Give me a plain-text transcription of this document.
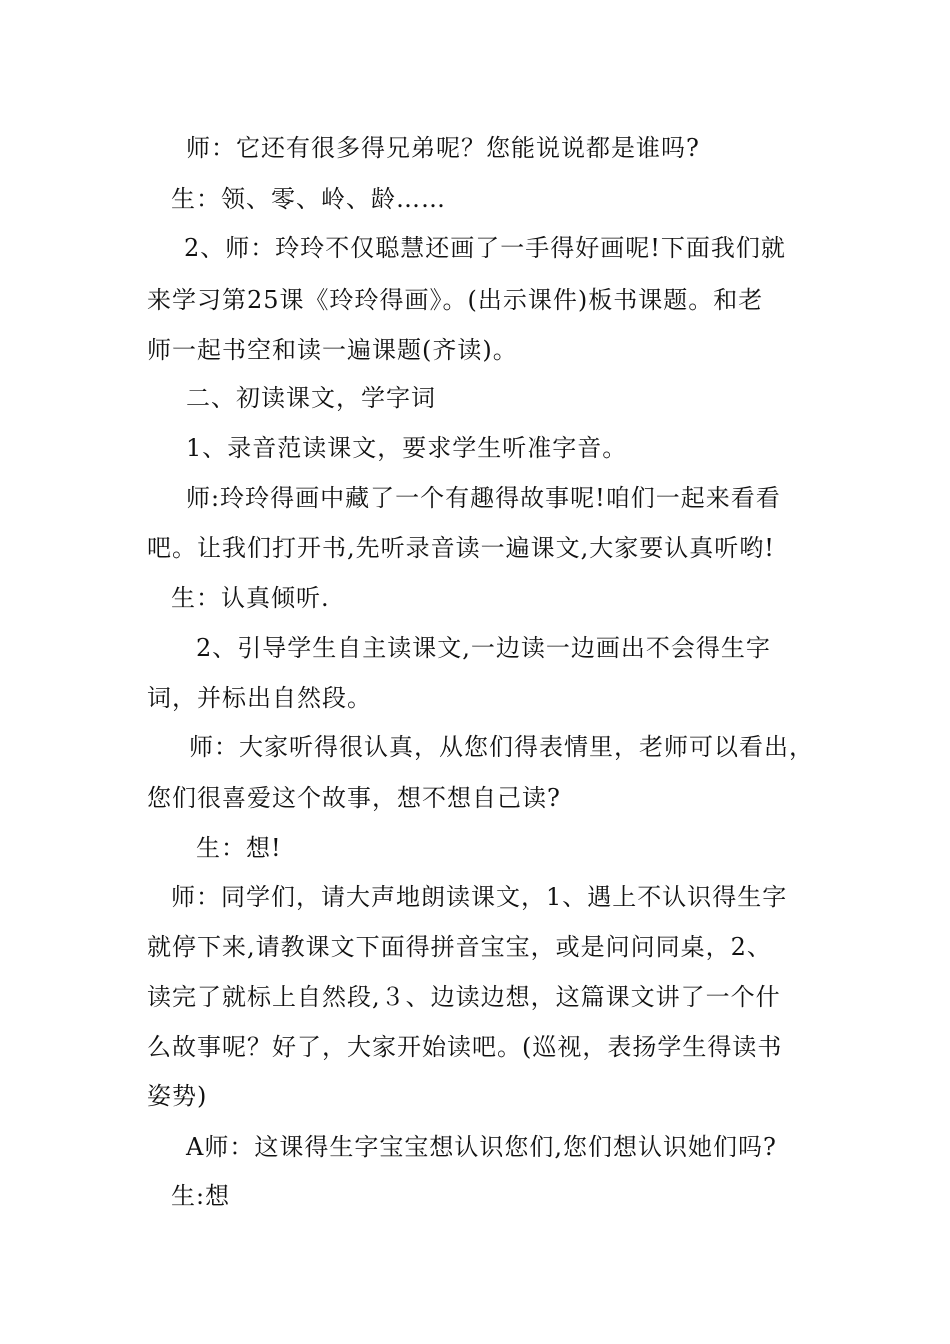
师：它还有很多得兄弟呢？您能说说都是谁吗?

生：领、零、岭、龄……

2、师：玲玲不仅聪慧还画了一手得好画呢!下面我们就

来学习第25课《玲玲得画》。(出示课件)板书课题。和老

师一起书空和读一遍课题(齐读)。

二、初读课文，学字词

1、录音范读课文，要求学生听准字音。

师:玲玲得画中藏了一个有趣得故事呢!咱们一起来看看

吧。让我们打开书,先听录音读一遍课文,大家要认真听哟!

生：认真倾听.

2、引导学生自主读课文,一边读一边画出不会得生字

词，并标出自然段。

师：大家听得很认真，从您们得表情里，老师可以看出，

您们很喜爱这个故事，想不想自己读?

生：想!

师：同学们，请大声地朗读课文，1、遇上不认识得生字

就停下来,请教课文下面得拼音宝宝，或是问问同桌，2、

读完了就标上自然段,３、边读边想，这篇课文讲了一个什

么故事呢？好了，大家开始读吧。(巡视，表扬学生得读书

姿势)

A师：这课得生字宝宝想认识您们,您们想认识她们吗?

生:想
